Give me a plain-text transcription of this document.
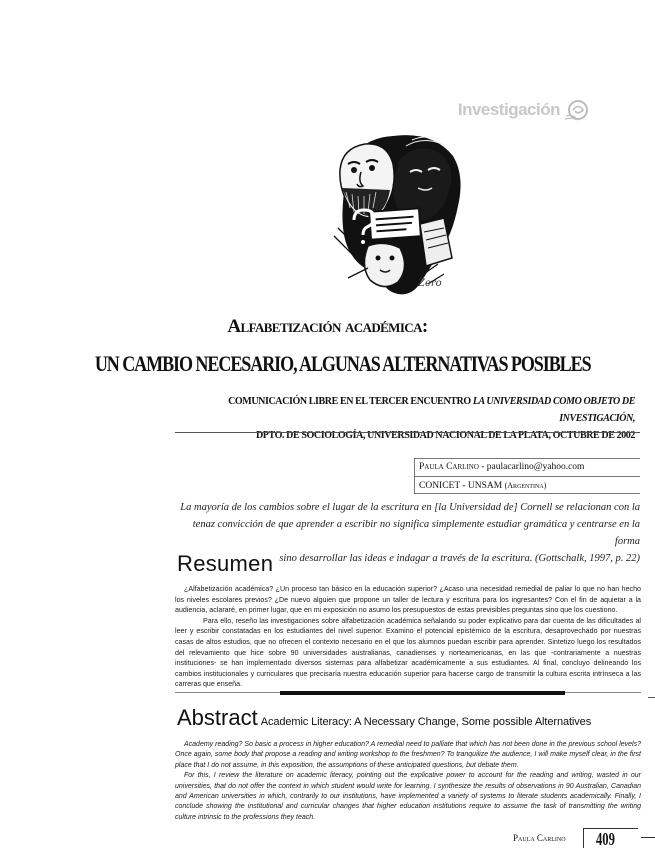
Investigación
Zero
Alfabetización académica:
UN CAMBIO NECESARIO, ALGUNAS ALTERNATIVAS POSIBLES
COMUNICACIÓN LIBRE EN EL TERCER ENCUENTRO LA UNIVERSIDAD COMO OBJETO DE INVESTIGACIÓN,
DPTO. DE SOCIOLOGÍA, UNIVERSIDAD NACIONAL DE LA PLATA, OCTUBRE DE 2002
Paula Carlino - paulacarlino@yahoo.com
CONICET - UNSAM (Argentina)
La mayoría de los cambios sobre el lugar de la escritura en [la Universidad de] Cornell se relacionan con la
tenaz convicción de que aprender a escribir no significa simplemente estudiar gramática y centrarse en la forma
sino desarrollar las ideas e indagar a través de la escritura. (Gottschalk, 1997, p. 22)
Resumen

¿Alfabetización académica? ¿Un proceso tan básico en la educación superior? ¿Acaso una necesidad remedial de paliar lo que no han hecho los niveles escolares previos? ¿De nuevo alguien que propone un taller de lectura y escritura para los ingresantes? Con el fin de aquietar a la audiencia, aclararé, en primer lugar, que en mi exposición no asumo los presupuestos de estas previsibles preguntas sino que los cuestiono.

Para ello, reseño las investigaciones sobre alfabetización académica señalando su poder explicativo para dar cuenta de las dificultades al leer y escribir constatadas en los estudiantes del nivel superior. Examino el potencial epistémico de la escritura, desaprovechado por nuestras casas de altos estudios, que no ofrecen el contexto necesario en el que los alumnos puedan escribir para aprender. Sintetizo luego los resultados del relevamiento que hice sobre 90 universidades australianas, canadienses y norteamericanas, en las que -contrariamente a nuestras instituciones- se han implementado diversos sistemas para alfabetizar académicamente a sus estudiantes. Al final, concluyo delineando los cambios institucionales y curriculares que precisaría nuestra educación superior para hacerse cargo de transmitir la cultura escrita intrínseca a las carreras que enseña.

Abstract Academic Literacy: A Necessary Change, Some possible Alternatives

Academy reading? So basic a process in higher education? A remedial need to palliate that which has not been done in the previous school levels? Once again, some body that propose a reading and writing workshop to the freshmen? To tranquilize the audience, I will make myself clear, in the first place that I do not assume, in this exposition, the assumptions of these anticipated questions, but debate them.

For this, I review the literature on academic literacy, pointing out the explicative power to account for the reading and writing, wasted in our universities, that do not offer the context in which student would write for learning. I synthesize the results of observations in 90 Australian, Canadian and American universities in which, contrarily to our institutions, have implemented a variety of systems to literate students academically. Finally, I conclude showing the institutional and curricular changes that higher education institutions require to assume the task of transmitting the writing culture intrinsic to the professions they teach.

Paula Carlino 409
